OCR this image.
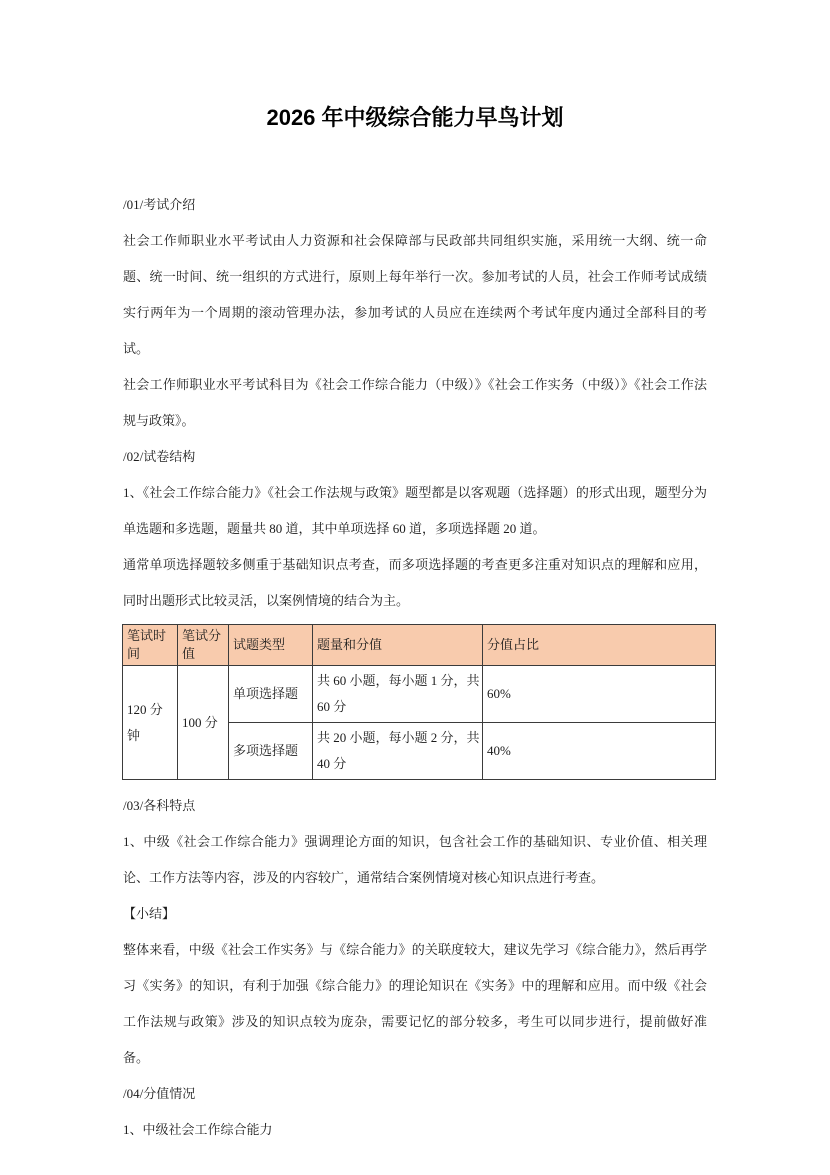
2026 年中级综合能力早鸟计划

/01/考试介绍

社会工作师职业水平考试由人力资源和社会保障部与民政部共同组织实施，采用统一大纲、统一命题、统一时间、统一组织的方式进行，原则上每年举行一次。参加考试的人员，社会工作师考试成绩实行两年为一个周期的滚动管理办法，参加考试的人员应在连续两个考试年度内通过全部科目的考试。

社会工作师职业水平考试科目为《社会工作综合能力（中级）》《社会工作实务（中级）》《社会工作法规与政策》。

/02/试卷结构

1、《社会工作综合能力》《社会工作法规与政策》题型都是以客观题（选择题）的形式出现，题型分为单选题和多选题，题量共 80 道，其中单项选择 60 道，多项选择题 20 道。

通常单项选择题较多侧重于基础知识点考查，而多项选择题的考查更多注重对知识点的理解和应用，同时出题形式比较灵活，以案例情境的结合为主。

笔试时间	笔试分值	试题类型	题量和分值	分值占比
120 分钟	100 分	单项选择题	共 60 小题，每小题 1 分，共 60 分	60%
		多项选择题	共 20 小题，每小题 2 分，共 40 分	40%

/03/各科特点

1、中级《社会工作综合能力》强调理论方面的知识，包含社会工作的基础知识、专业价值、相关理论、工作方法等内容，涉及的内容较广，通常结合案例情境对核心知识点进行考查。

【小结】

整体来看，中级《社会工作实务》与《综合能力》的关联度较大，建议先学习《综合能力》，然后再学习《实务》的知识，有利于加强《综合能力》的理论知识在《实务》中的理解和应用。而中级《社会工作法规与政策》涉及的知识点较为庞杂，需要记忆的部分较多，考生可以同步进行，提前做好准备。

/04/分值情况

1、中级社会工作综合能力
